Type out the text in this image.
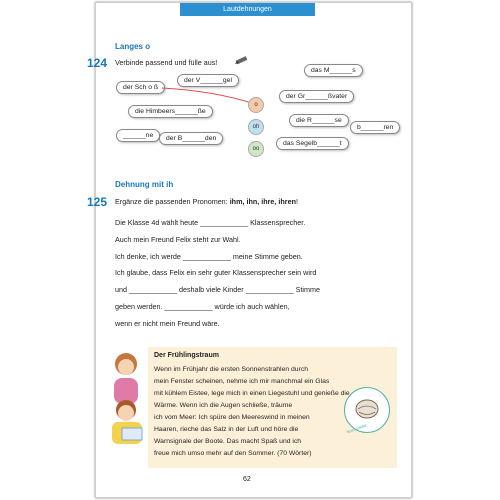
Lautdehnungen
Langes o
124 Verbinde passend und fülle aus!
der V______gel
der Sch o ß
die Himbeers______ße
______ne	der B______den
das M______s
der Gr______ßvater
die R______se
b______ren
das Segelb______t
o
oh
oo
Dehnung mit ih
125 Ergänze die passenden Pronomen: ihm, ihn, ihre, ihren!
Die Klasse 4d wählt heute ____________ Klassensprecher.
Auch mein Freund Felix steht zur Wahl.
Ich denke, ich werde ____________ meine Stimme geben.
Ich glaube, dass Felix ein sehr guter Klassensprecher sein wird
und ____________ deshalb viele Kinder ____________ Stimme
geben werden. ____________ würde ich auch wählen,
wenn er nicht mein Freund wäre.
Der Frühlingstraum
Wenn im Frühjahr die ersten Sonnenstrahlen durch
mein Fenster scheinen, nehme ich mir manchmal ein Glas
mit kühlem Eistee, lege mich in einen Liegestuhl und genieße die
Wärme. Wenn ich die Augen schließe, träume
ich vom Meer: Ich spüre den Meereswind in meinen
Haaren, rieche das Salz in der Luft und höre die
Warnsignale der Boote. Das macht Spaß und ich
freue mich umso mehr auf den Sommer. (70 Wörter)
Nuss-Diktat
62
